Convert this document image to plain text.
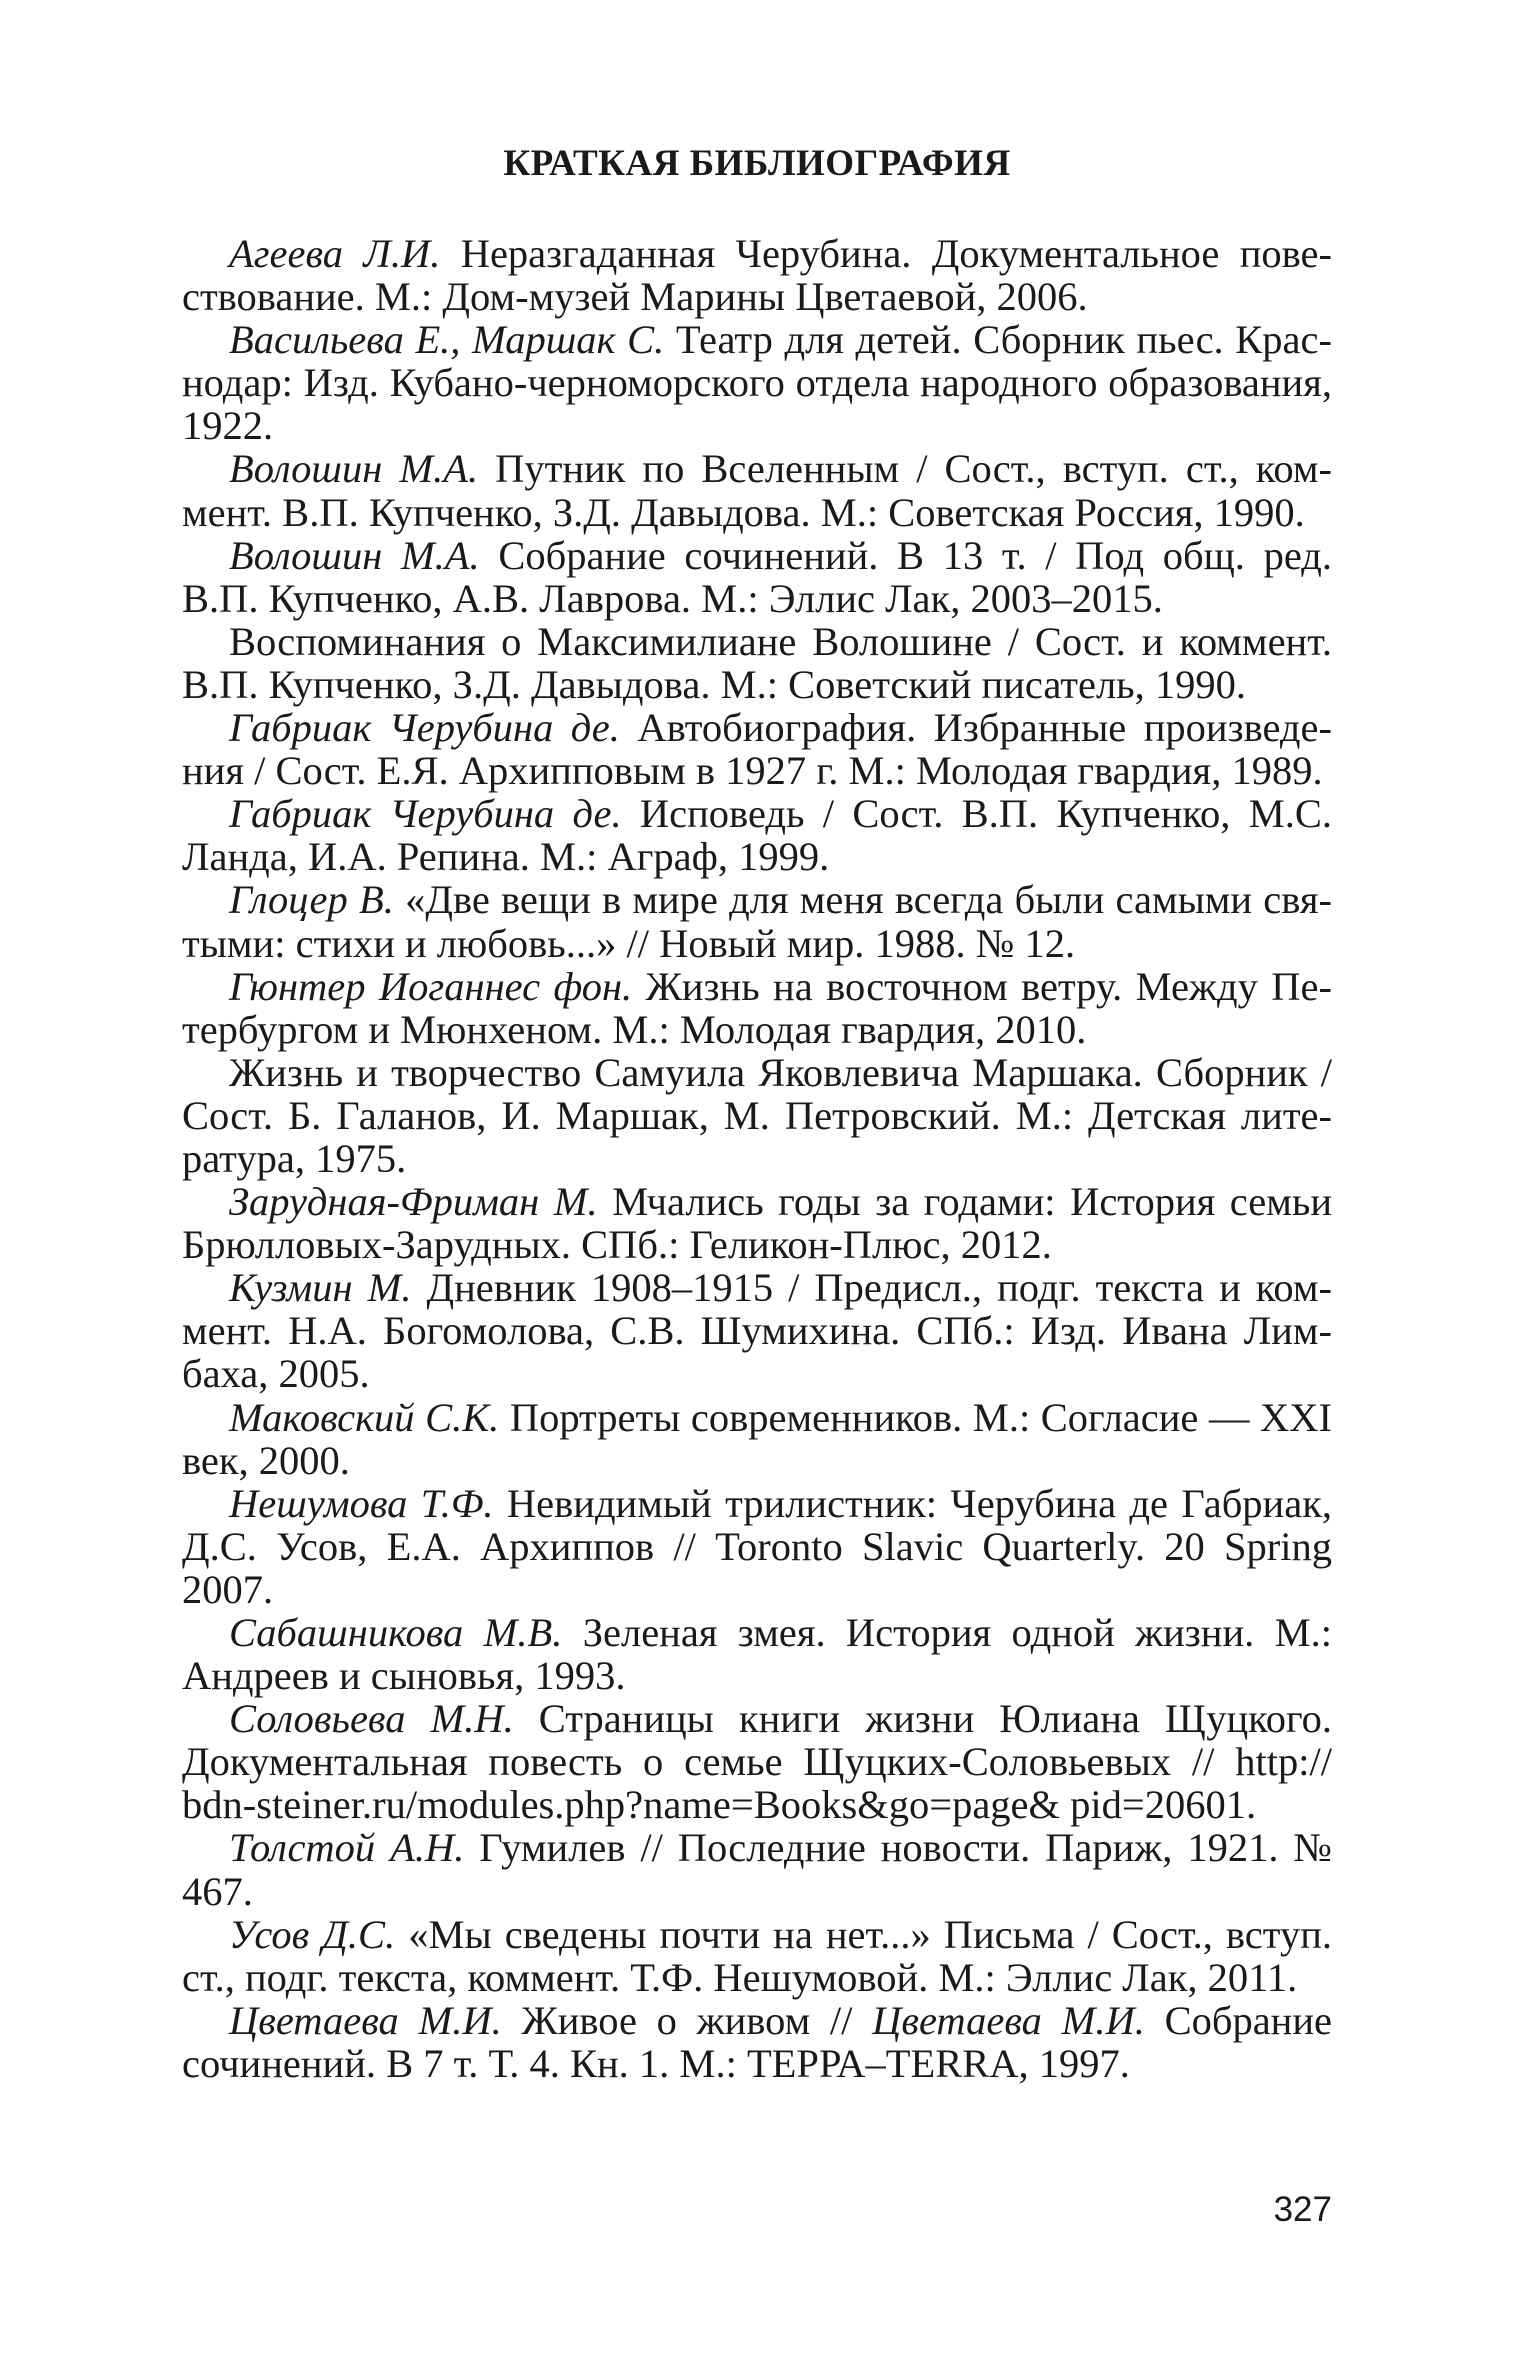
КРАТКАЯ БИБЛИОГРАФИЯ

Агеева Л.И. Неразгаданная Черубина. Документальное повествование. М.: Дом-музей Марины Цветаевой, 2006.

Васильева Е., Маршак С. Театр для детей. Сборник пьес. Краснодар: Изд. Кубано-черноморского отдела народного образования, 1922.

Волошин М.А. Путник по Вселенным / Сост., вступ. ст., коммент. В.П. Купченко, З.Д. Давыдова. М.: Советская Россия, 1990.

Волошин М.А. Собрание сочинений. В 13 т. / Под общ. ред. В.П. Купченко, А.В. Лаврова. М.: Эллис Лак, 2003–2015.

Воспоминания о Максимилиане Волошине / Сост. и коммент. В.П. Купченко, З.Д. Давыдова. М.: Советский писатель, 1990.

Габриак Черубина де. Автобиография. Избранные произведения / Сост. Е.Я. Архипповым в 1927 г. М.: Молодая гвардия, 1989.

Габриак Черубина де. Исповедь / Сост. В.П. Купченко, М.С. Ланда, И.А. Репина. М.: Аграф, 1999.

Глоцер В. «Две вещи в мире для меня всегда были самыми святыми: стихи и любовь...» // Новый мир. 1988. № 12.

Гюнтер Иоганнес фон. Жизнь на восточном ветру. Между Петербургом и Мюнхеном. М.: Молодая гвардия, 2010.

Жизнь и творчество Самуила Яковлевича Маршака. Сборник / Сост. Б. Галанов, И. Маршак, М. Петровский. М.: Детская литература, 1975.

Зарудная-Фриман М. Мчались годы за годами: История семьи Брюлловых-Зарудных. СПб.: Геликон-Плюс, 2012.

Кузмин М. Дневник 1908–1915 / Предисл., подг. текста и коммент. Н.А. Богомолова, С.В. Шумихина. СПб.: Изд. Ивана Лимбаха, 2005.

Маковский С.К. Портреты современников. М.: Согласие — XXI век, 2000.

Нешумова Т.Ф. Невидимый трилистник: Черубина де Габриак, Д.С. Усов, Е.А. Архиппов // Toronto Slavic Quarterly. 20 Spring 2007.

Сабашникова М.В. Зеленая змея. История одной жизни. М.: Андреев и сыновья, 1993.

Соловьева М.Н. Страницы книги жизни Юлиана Щуцкого. Документальная повесть о семье Щуцких-Соловьевых // http:// bdn-steiner.ru/modules.php?name=Books&go=page& pid=20601.

Толстой А.Н. Гумилев // Последние новости. Париж, 1921. № 467.

Усов Д.С. «Мы сведены почти на нет...» Письма / Сост., вступ. ст., подг. текста, коммент. Т.Ф. Нешумовой. М.: Эллис Лак, 2011.

Цветаева М.И. Живое о живом // Цветаева М.И. Собрание сочинений. В 7 т. Т. 4. Кн. 1. М.: ТЕРРА–TERRA, 1997.

327
